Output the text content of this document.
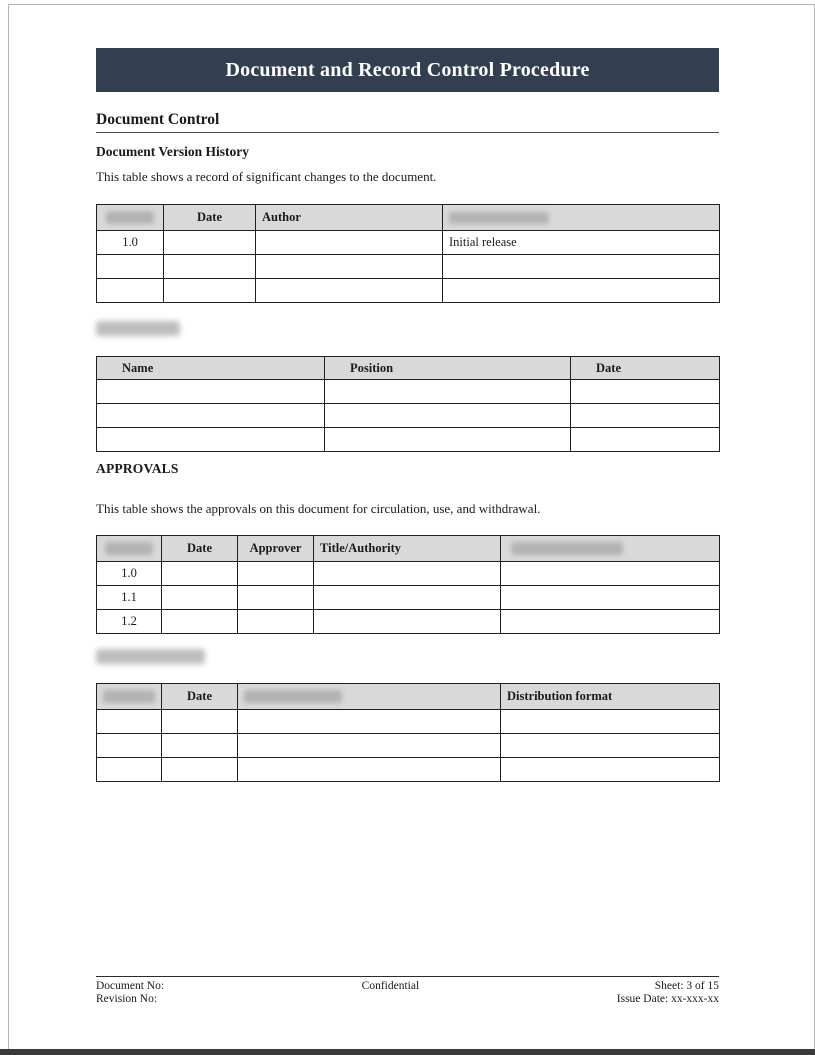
Document and Record Control Procedure
Document Control
Document Version History
This table shows a record of significant changes to the document.
	Date	Author	

1.0			Initial release

Name	Position	Date

APPROVALS
This table shows the approvals on this document for circulation, use, and withdrawal.
	Date	Approver	Title/Authority	

1.0				
1.1				
1.2				
	Date		Distribution format

Document No:
Revision No:
Confidential	Sheet: 3 of 15
Issue Date: xx-xxx-xx
